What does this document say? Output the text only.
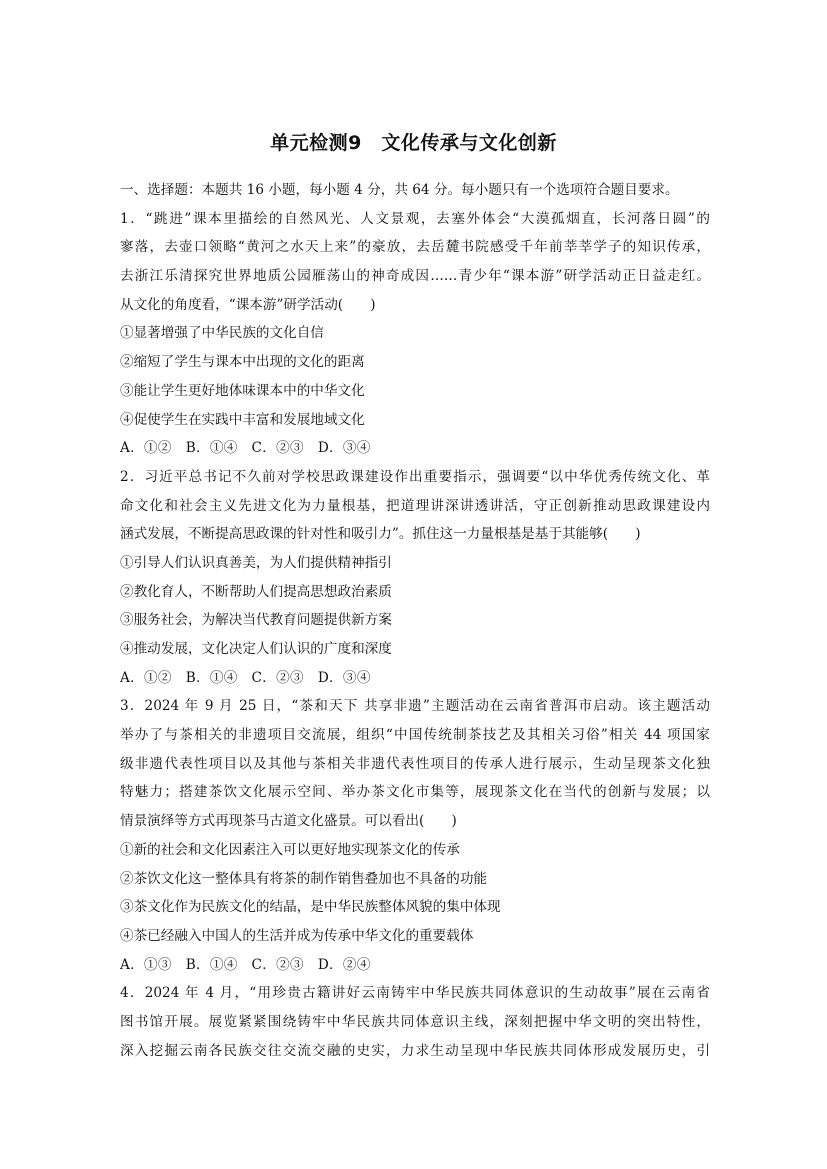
单元检测9　文化传承与文化创新
一、选择题：本题共 16 小题，每小题 4 分，共 64 分。每小题只有一个选项符合题目要求。
1．“跳进”课本里描绘的自然风光、人文景观，去塞外体会“大漠孤烟直，长河落日圆”的
寥落，去壶口领略“黄河之水天上来”的豪放，去岳麓书院感受千年前莘莘学子的知识传承，
去浙江乐清探究世界地质公园雁荡山的神奇成因……青少年“课本游”研学活动正日益走红。
从文化的角度看，“课本游”研学活动(　　)
①显著增强了中华民族的文化自信
②缩短了学生与课本中出现的文化的距离
③能让学生更好地体味课本中的中华文化
④促使学生在实践中丰富和发展地域文化
A．①②　B．①④　C．②③　D．③④
2．习近平总书记不久前对学校思政课建设作出重要指示，强调要“以中华优秀传统文化、革
命文化和社会主义先进文化为力量根基，把道理讲深讲透讲活，守正创新推动思政课建设内
涵式发展，不断提高思政课的针对性和吸引力”。抓住这一力量根基是基于其能够(　　)
①引导人们认识真善美，为人们提供精神指引
②教化育人，不断帮助人们提高思想政治素质
③服务社会，为解决当代教育问题提供新方案
④推动发展，文化决定人们认识的广度和深度
A．①②　B．①④　C．②③　D．③④
3．2024 年 9 月 25 日，“茶和天下 共享非遗”主题活动在云南省普洱市启动。该主题活动
举办了与茶相关的非遗项目交流展，组织“中国传统制茶技艺及其相关习俗”相关 44 项国家
级非遗代表性项目以及其他与茶相关非遗代表性项目的传承人进行展示，生动呈现茶文化独
特魅力；搭建茶饮文化展示空间、举办茶文化市集等，展现茶文化在当代的创新与发展；以
情景演绎等方式再现茶马古道文化盛景。可以看出(　　)
①新的社会和文化因素注入可以更好地实现茶文化的传承
②茶饮文化这一整体具有将茶的制作销售叠加也不具备的功能
③茶文化作为民族文化的结晶，是中华民族整体风貌的集中体现
④茶已经融入中国人的生活并成为传承中华文化的重要载体
A．①③　B．①④　C．②③　D．②④
4．2024 年 4 月，“用珍贵古籍讲好云南铸牢中华民族共同体意识的生动故事”展在云南省
图书馆开展。展览紧紧围绕铸牢中华民族共同体意识主线，深刻把握中华文明的突出特性，
深入挖掘云南各民族交往交流交融的史实，力求生动呈现中华民族共同体形成发展历史，引
